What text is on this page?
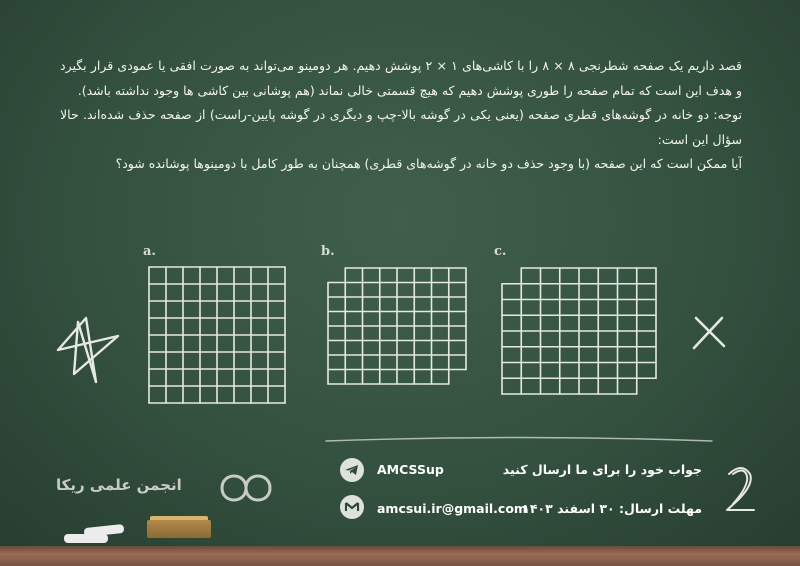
قصد داریم یک صفحه شطرنجی ۸ × ۸ را با کاشی‌های ۱ × ۲ پوشش دهیم. هر دومینو می‌تواند به صورت افقی یا عمودی قرار بگیرد و هدف این است که تمام صفحه را طوری پوشش دهیم که هیچ قسمتی خالی نماند (هم پوشانی بین کاشی ها وجود نداشته باشد).

توجه: دو خانه در گوشه‌های قطری صفحه (یعنی یکی در گوشه بالا-چپ و دیگری در گوشه پایین-راست) از صفحه حذف شده‌اند. حالا سؤال این است:

آیا ممکن است که این صفحه (با وجود حذف دو خانه در گوشه‌های قطری) همچنان به طور کامل با دومینوها پوشانده شود؟

a.	b.	c.
AMCSSup
amcsui.ir@gmail.com
جواب خود را برای ما ارسال کنید
مهلت ارسال: ۳۰ اسفند ۱۴۰۳
انجمن علمی ریکا
